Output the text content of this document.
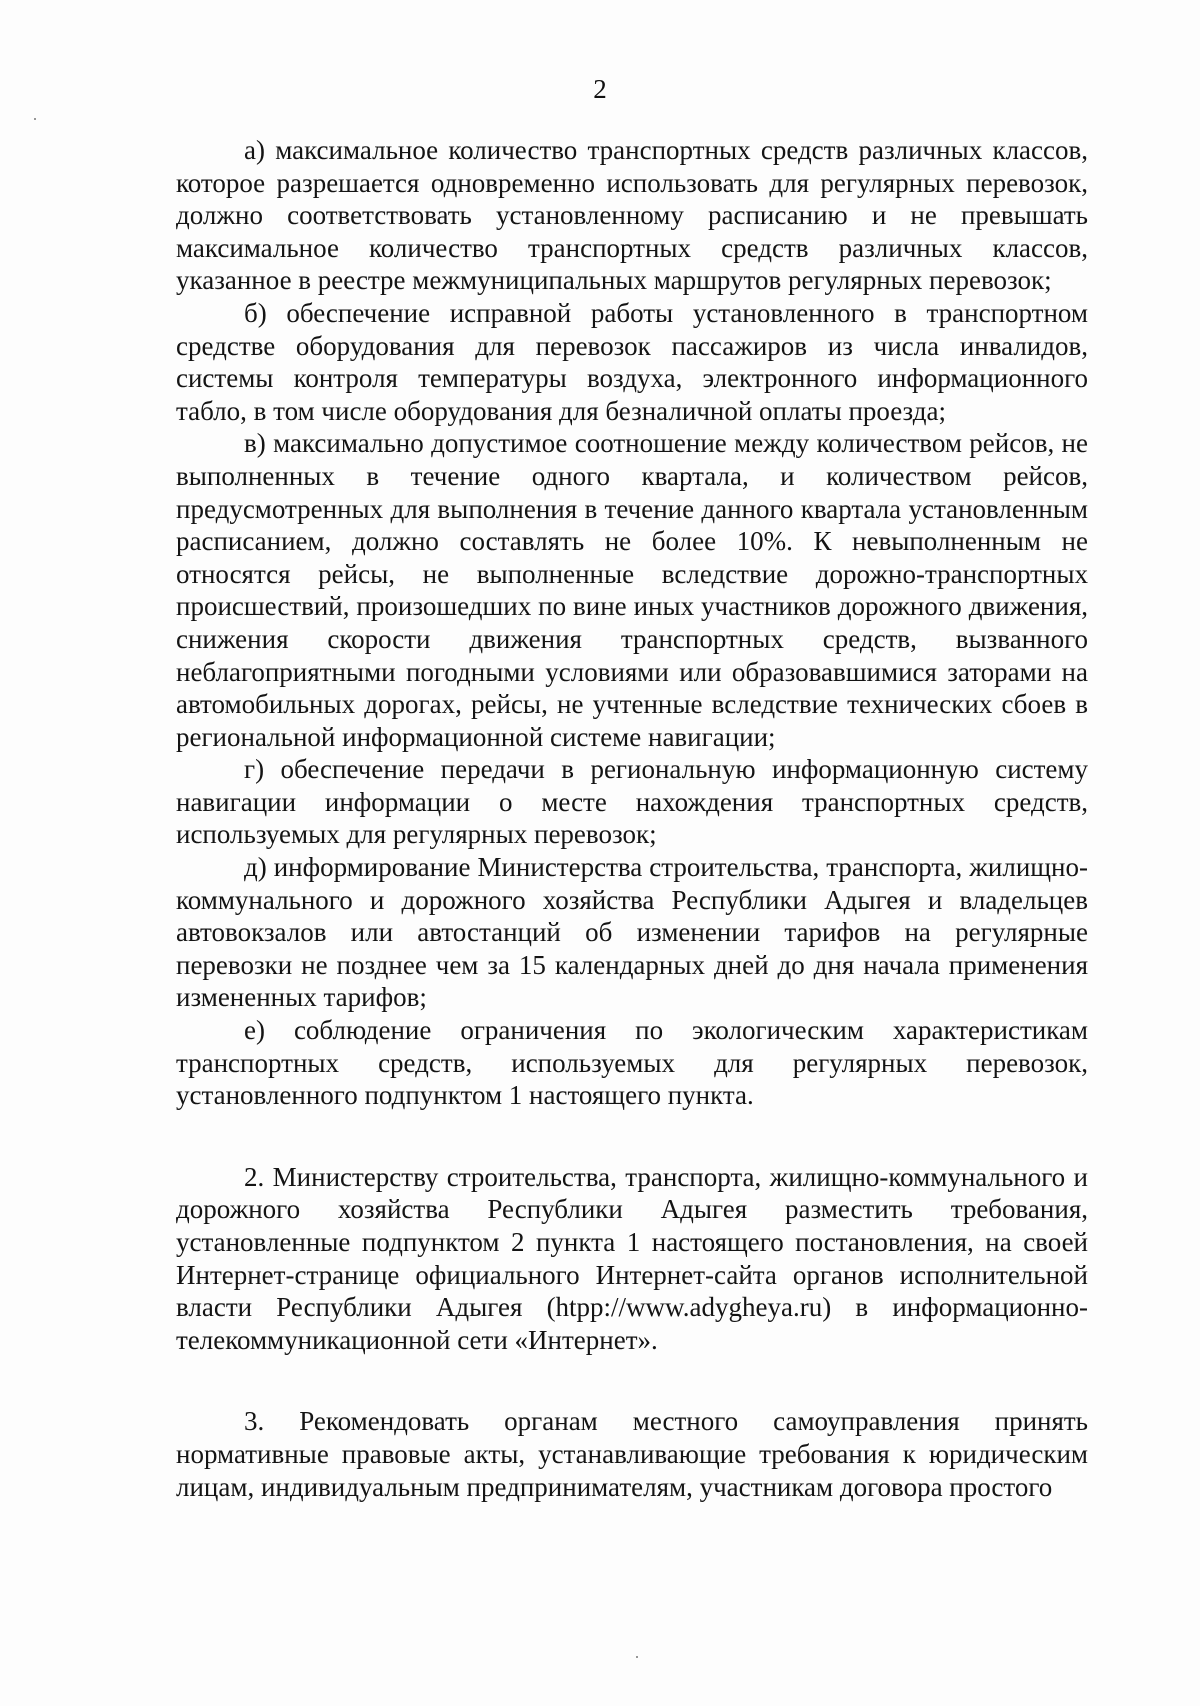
2

а) максимальное количество транспортных средств различных классов, которое разрешается одновременно использовать для регулярных перевозок, должно соответствовать установленному расписанию и не превышать максимальное количество транспортных средств различных классов, указанное в реестре межмуниципальных маршрутов регулярных перевозок;

б) обеспечение исправной работы установленного в транспортном средстве оборудования для перевозок пассажиров из числа инвалидов, системы контроля температуры воздуха, электронного информационного табло, в том числе оборудования для безналичной оплаты проезда;

в) максимально допустимое соотношение между количеством рейсов, не выполненных в течение одного квартала, и количеством рейсов, предусмотренных для выполнения в течение данного квартала установленным расписанием, должно составлять не более 10%. К невыполненным не относятся рейсы, не выполненные вследствие дорожно-транспортных происшествий, произошедших по вине иных участников дорожного движения, снижения скорости движения транспортных средств, вызванного неблагоприятными погодными условиями или образовавшимися заторами на автомобильных дорогах, рейсы, не учтенные вследствие технических сбоев в региональной информационной системе навигации;

г) обеспечение передачи в региональную информационную систему навигации информации о месте нахождения транспортных средств, используемых для регулярных перевозок;

д) информирование Министерства строительства, транспорта, жилищно-коммунального и дорожного хозяйства Республики Адыгея и владельцев автовокзалов или автостанций об изменении тарифов на регулярные перевозки не позднее чем за 15 календарных дней до дня начала применения измененных тарифов;

е) соблюдение ограничения по экологическим характеристикам транспортных средств, используемых для регулярных перевозок, установленного подпунктом 1 настоящего пункта.

2. Министерству строительства, транспорта, жилищно-коммунального и дорожного хозяйства Республики Адыгея разместить требования, установленные подпунктом 2 пункта 1 настоящего постановления, на своей Интернет-странице официального Интернет-сайта органов исполнительной власти Республики Адыгея (htpp://www.adygheya.ru) в информационно-телекоммуникационной сети «Интернет».

3. Рекомендовать органам местного самоуправления принять нормативные правовые акты, устанавливающие требования к юридическим лицам, индивидуальным предпринимателям, участникам договора простого
